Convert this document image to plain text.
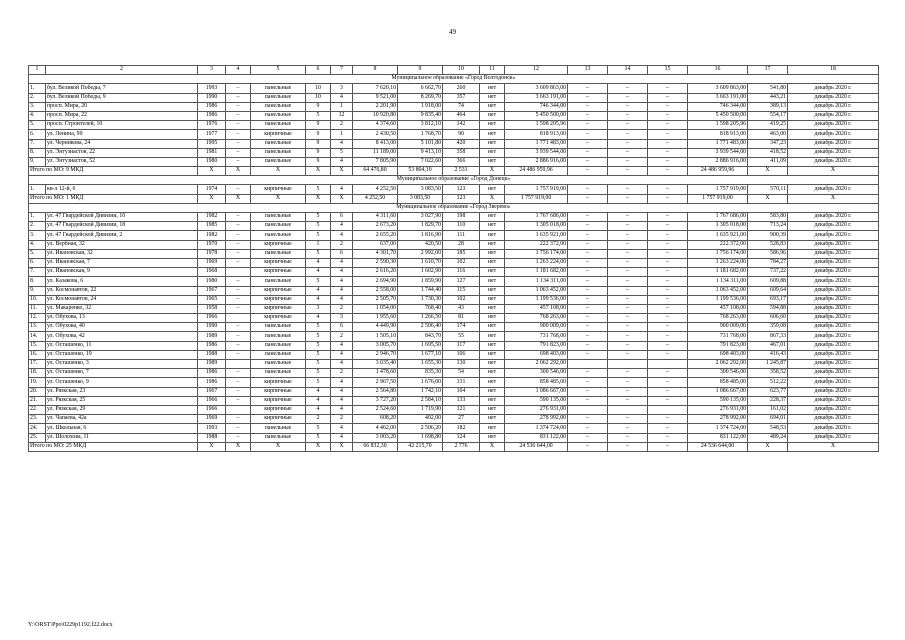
49
1	2	3	4	5	6	7	8	9	10	11	12	13	14	15	16	17	18
Муниципальное образование «Город Волгодонск»																	
1.	бул. Великой Победы, 7	1993	–	панельные	10	3	7 620,10	6 662,70	260	нет	3 609 863,00	–	–	–	3 609 863,00	541,80	декабрь 2020 г.
2.	бул. Великой Победы, 9	1990	–	панельные	10	4	9 521,00	8 269,70	357	нет	3 663 191,00	–	–	–	3 663 191,00	443,21	декабрь 2020 г.
3.	просп. Мира, 20	1986	–	панельные	9	1	2 201,90	1 918,00	74	нет	746 344,00	–	–	–	746 344,00	389,13	декабрь 2020 г.
4.	просп. Мира, 22	1986	–	панельные	5	12	10 920,80	9 835,40	464	нет	5 450 500,00	–	–	–	5 450 500,00	554,17	декабрь 2020 г.
5.	просп. Строителей, 10	1976	–	панельные	9	2	4 374,60	3 812,10	142	нет	1 598 205,96	–	–	–	1 598 205,96	419,25	декабрь 2020 г.
6.	ул. Ленина, 99	1977	–	кирпичные	9	1	2 430,50	1 768,70	90	нет	818 913,00	–	–	–	818 913,00	463,00	декабрь 2020 г.
7.	ул. Черникова, 24	1995	–	панельные	9	4	8 413,00	5 101,80	420	нет	1 771 483,00	–	–	–	1 771 483,00	347,23	декабрь 2020 г.
8.	ул. Энтузиастов, 22	1981	–	панельные	9	5	11 189,00	9 413,10	358	нет	3 939 544,00	–	–	–	3 939 544,00	418,52	декабрь 2020 г.
9.	ул. Энтузиастов, 52	1980	–	панельные	9	4	7 805,90	7 022,60	366	нет	2 886 916,00	–	–	–	2 886 916,00	411,09	декабрь 2020 г.
Итого по МО: 9 МКД		X	X	X	X	X	64 476,80	53 804,10	2 531	X	24 486 959,96	–	–	–	24 486 959,96	X	X
Муниципальное образование «Город Донецк»																	
1.	кв-л 12-й, 6	1974	–	кирпичные	5	4	4 252,50	3 083,50	123	нет	1 757 919,00	–	–	–	1 757 919,00	570,11	декабрь 2020 г.
Итого по МО: 1 МКД		X	X	X	X	X	4 252,50	3 083,50	123	X	1 757 919,00	–	–	–	1 757 919,00	X	X
Муниципальное образование «Город Зверево»																	
1.	ул. 47 Гвардейской Дивизии, 10	1982	–	панельные	5	6	4 311,60	3 027,90	198	нет	1 767 686,00	–	–	–	1 767 686,00	583,80	декабрь 2020 г.
2.	ул. 47 Гвардейской Дивизии, 18	1985	–	панельные	5	4	2 673,20	1 829,70	110	нет	1 305 018,00	–	–	–	1 305 018,00	713,24	декабрь 2020 г.
3.	ул. 47 Гвардейской Дивизии, 2	1982	–	панельные	5	4	2 655,20	1 816,90	111	нет	1 635 921,00	–	–	–	1 635 921,00	900,39	декабрь 2020 г.
4.	ул. Вербная, 32	1970	–	кирпичные	1	2	637,00	420,50	28	нет	222 372,00	–	–	–	222 372,00	528,83	декабрь 2020 г.
5.	ул. Ивановская, 32	1978	–	панельные	5	6	4 301,70	2 992,00	185	нет	1 756 174,00	–	–	–	1 756 174,00	586,96	декабрь 2020 г.
6.	ул. Ивановская, 7	1969	–	кирпичные	4	4	2 590,30	1 610,70	102	нет	1 263 224,00	–	–	–	1 263 224,00	784,27	декабрь 2020 г.
7.	ул. Ивановская, 9	1968		кирпичные	4	4	2 616,20	1 602,90	116	нет	1 181 682,00	–	–	–	1 181 682,00	737,22	декабрь 2020 г.
8.	ул. Казакова, 6	1980	–	панельные	5	4	2 694,90	1 859,90	127	нет	1 134 311,00	–	–	–	1 134 311,00	609,88	декабрь 2020 г.
9.	ул. Космонавтов, 22	1967	–	кирпичные	4	4	2 558,00	1 744,40	115	нет	1 063 452,00	–	–	–	1 063 452,00	609,64	декабрь 2020 г.
10.	ул. Космонавтов, 24	1965	–	кирпичные	4	4	2 505,70	1 730,30	102	нет	1 199 536,00	–	–	–	1 199 536,00	693,17	декабрь 2020 г.
11.	ул. Макаренко, 32	1958	–	кирпичные	3	2	1 054,00	768,40	43	нет	457 108,00	–	–	–	457 108,00	594,88	декабрь 2020 г.
12.	ул. Обухова, 13	1966		кирпичные	4	3	1 955,60	1 266,50	81	нет	768 263,00	–	–	–	768 263,00	606,60	декабрь 2020 г.
13.	ул. Обухова, 40	1990	–	панельные	5	6	4 449,90	2 506,40	174	нет	900 009,00	–	–	–	900 009,00	359,08	декабрь 2020 г.
14.	ул. Обухова, 42	1989	–	панельные	5	2	1 505,10	843,70	55	нет	731 768,00	–	–	–	731 768,00	867,33	декабрь 2020 г.
15.	ул. Осташенко, 11	1986	–	панельные	5	4	3 005,70	1 695,50	117	нет	791 823,00	–	–	–	791 823,00	467,01	декабрь 2020 г.
16.	ул. Осташенко, 19	1988	–	панельные	5	4	2 946,70	1 677,10	106	нет	698 403,00	–	–	–	698 403,00	416,43	декабрь 2020 г.
17.	ул. Осташенко, 3	1989		панельные	5	4	3 035,40	1 655,30	130	нет	2 062 292,00				2 062 292,00	1 245,87	декабрь 2020 г.
18.	ул. Осташенко, 7	1986	–	панельные	5	2	1 478,60	835,30	54	нет	300 546,00	–	–	–	300 546,00	358,52	декабрь 2020 г.
19.	ул. Осташенко, 9	1986	–	кирпичные	5	4	2 967,50	1 676,00	131	нет	858 485,00	–	–	–	858 485,00	512,22	декабрь 2020 г.
20.	ул. Рязкская, 23	1967	–	кирпичные	4	4	2 564,80	1 742,10	104	нет	1 086 667,00	–	–	–	1 086 667,00	623,77	декабрь 2020 г.
21.	ул. Рязкская, 25	1966	–	кирпичные	4	4	3 727,20	2 584,10	133	нет	590 135,00	–	–	–	590 135,00	228,37	декабрь 2020 г.
22.	ул. Рязкская, 29	1966		кирпичные	4	4	2 524,60	1 719,90	121	нет	276 931,00				276 931,00	161,02	декабрь 2020 г.
23.	ул. Чапаева, 42а	1969	–	кирпичные	2	2	608,20	402,00	27	нет	278 992,00	–	–	–	278 992,00	694,01	декабрь 2020 г.
24.	ул. Школьная, 6	1993	–	панельные	5	4	4 462,00	2 506,20	182	нет	1 374 724,00	–	–	–	1 374 724,00	548,53	декабрь 2020 г.
25.	ул. Шолохова, 11	1988	–	панельные	5	4	3 003,20	1 698,80	124	нет	831 122,00	–	–	–	831 122,00	489,24	декабрь 2020 г.
Итого по МО: 25 МКД		X	X	X	X	X	66 832,30	42 215,70	2 776	X	24 536 644,00	–	–	–	24 536 644,00	X	X
Y:\ORST\Ppo\0229p1192.f22.docx
